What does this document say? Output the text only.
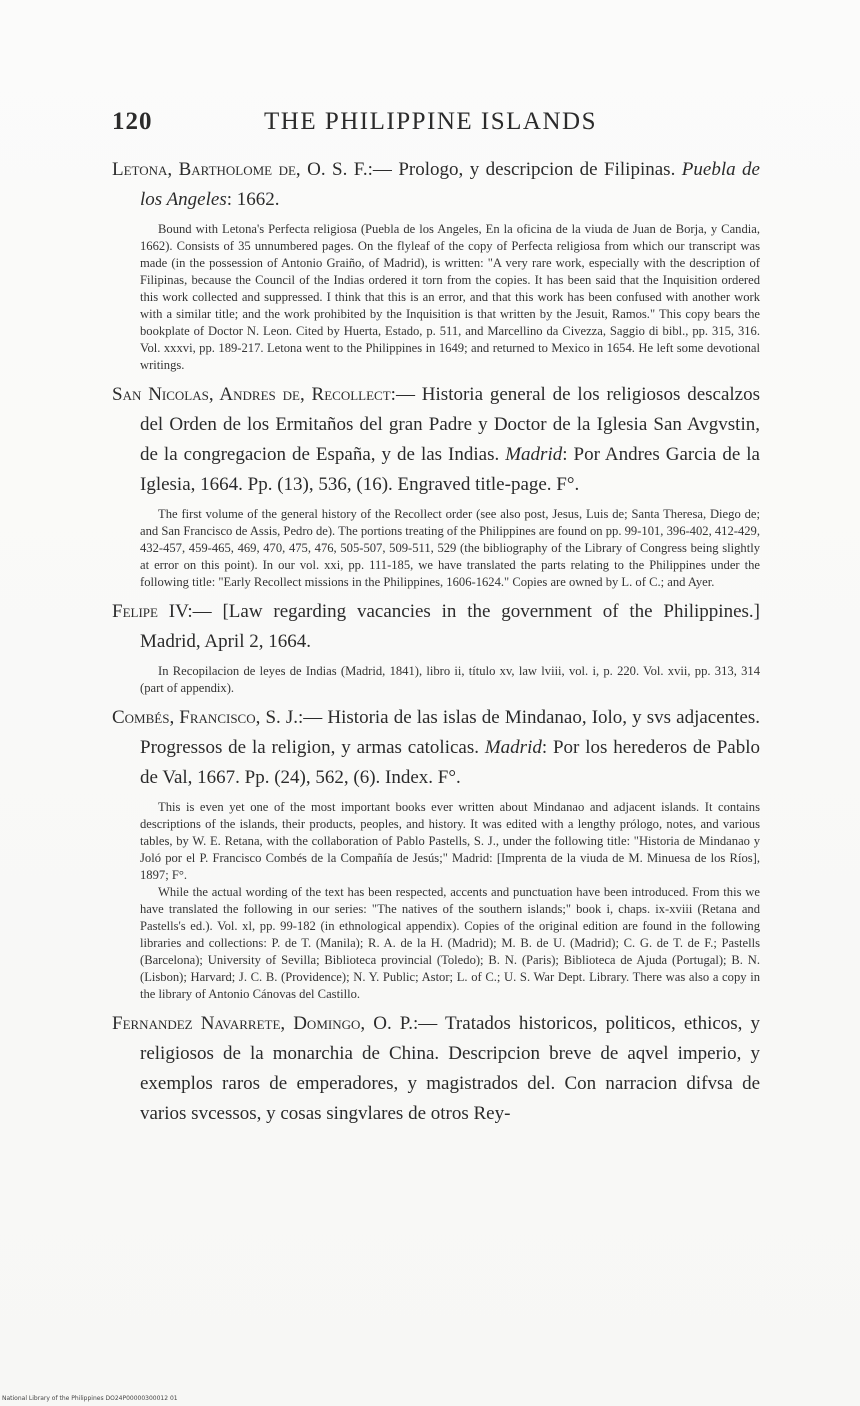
120	THE PHILIPPINE ISLANDS

Letona, Bartholome de, O. S. F.:— Prologo, y descripcion de Filipinas. Puebla de los Angeles: 1662.

Bound with Letona's Perfecta religiosa (Puebla de los Angeles, En la oficina de la viuda de Juan de Borja, y Candia, 1662). Consists of 35 unnumbered pages. On the flyleaf of the copy of Perfecta religiosa from which our transcript was made (in the possession of Antonio Graiño, of Madrid), is written: "A very rare work, especially with the description of Filipinas, because the Council of the Indias ordered it torn from the copies. It has been said that the Inquisition ordered this work collected and suppressed. I think that this is an error, and that this work has been confused with another work with a similar title; and the work prohibited by the Inquisition is that written by the Jesuit, Ramos." This copy bears the bookplate of Doctor N. Leon. Cited by Huerta, Estado, p. 511, and Marcellino da Civezza, Saggio di bibl., pp. 315, 316. Vol. xxxvi, pp. 189-217. Letona went to the Philippines in 1649; and returned to Mexico in 1654. He left some devotional writings.

San Nicolas, Andres de, Recollect:— Historia general de los religiosos descalzos del Orden de los Ermitaños del gran Padre y Doctor de la Iglesia San Avgvstin, de la congregacion de España, y de las Indias. Madrid: Por Andres Garcia de la Iglesia, 1664. Pp. (13), 536, (16). Engraved title-page. F°.

The first volume of the general history of the Recollect order (see also post, Jesus, Luis de; Santa Theresa, Diego de; and San Francisco de Assis, Pedro de). The portions treating of the Philippines are found on pp. 99-101, 396-402, 412-429, 432-457, 459-465, 469, 470, 475, 476, 505-507, 509-511, 529 (the bibliography of the Library of Congress being slightly at error on this point). In our vol. xxi, pp. 111-185, we have translated the parts relating to the Philippines under the following title: "Early Recollect missions in the Philippines, 1606-1624." Copies are owned by L. of C.; and Ayer.

Felipe IV:— [Law regarding vacancies in the government of the Philippines.] Madrid, April 2, 1664.

In Recopilacion de leyes de Indias (Madrid, 1841), libro ii, título xv, law lviii, vol. i, p. 220. Vol. xvii, pp. 313, 314 (part of appendix).

Combés, Francisco, S. J.:— Historia de las islas de Mindanao, Iolo, y svs adjacentes. Progressos de la religion, y armas catolicas. Madrid: Por los herederos de Pablo de Val, 1667. Pp. (24), 562, (6). Index. F°.

This is even yet one of the most important books ever written about Mindanao and adjacent islands. It contains descriptions of the islands, their products, peoples, and history. It was edited with a lengthy prólogo, notes, and various tables, by W. E. Retana, with the collaboration of Pablo Pastells, S. J., under the following title: "Historia de Mindanao y Joló por el P. Francisco Combés de la Compañía de Jesús;" Madrid: [Imprenta de la viuda de M. Minuesa de los Ríos], 1897; F°.

While the actual wording of the text has been respected, accents and punctuation have been introduced. From this we have translated the following in our series: "The natives of the southern islands;" book i, chaps. ix-xviii (Retana and Pastells's ed.). Vol. xl, pp. 99-182 (in ethnological appendix). Copies of the original edition are found in the following libraries and collections: P. de T. (Manila); R. A. de la H. (Madrid); M. B. de U. (Madrid); C. G. de T. de F.; Pastells (Barcelona); University of Sevilla; Biblioteca provincial (Toledo); B. N. (Paris); Biblioteca de Ajuda (Portugal); B. N. (Lisbon); Harvard; J. C. B. (Providence); N. Y. Public; Astor; L. of C.; U. S. War Dept. Library. There was also a copy in the library of Antonio Cánovas del Castillo.

Fernandez Navarrete, Domingo, O. P.:— Tratados historicos, politicos, ethicos, y religiosos de la monarchia de China. Descripcion breve de aqvel imperio, y exemplos raros de emperadores, y magistrados del. Con narracion difvsa de varios svcessos, y cosas singvlares de otros Rey-

National Library of the Philippines DO24P00000300012 01
